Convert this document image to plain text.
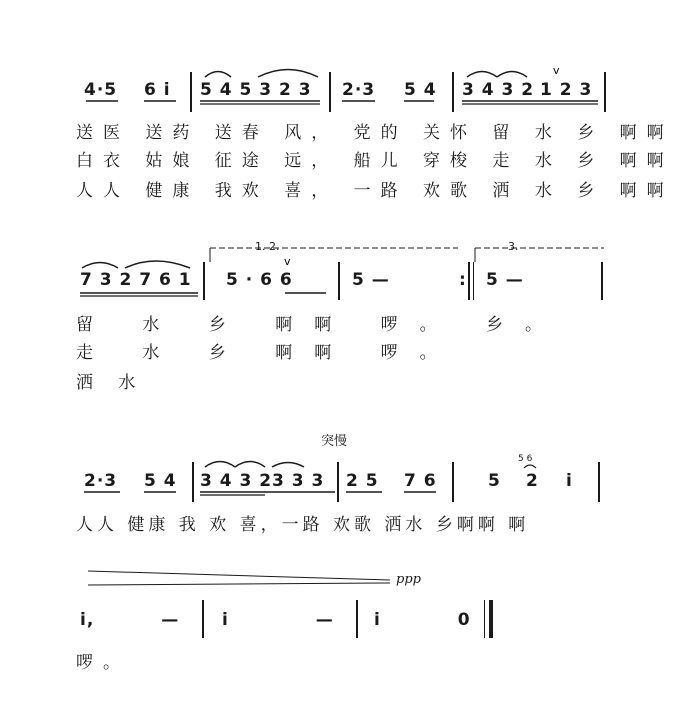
v
v
4·5 6 i 5 4 5 3 2 3 2·3 5 4 3 4 3 2 1 2 3
送医 送药 送春 风， 党的 关怀 留 水 乡 啊啊
白衣 姑娘 征途 远， 船儿 穿梭 走 水 乡 啊啊
人人 健康 我欢 喜， 一路 欢歌 洒 水 乡 啊啊
1. 2.	3.
7 3 2 7 6 1 5 · 6 6	5 —	: 5 —
留 水 乡 啊啊 啰。 乡。
走 水 乡 啊啊 啰。
洒 水
突慢
5 6
2·3 5 4 3 4 3 2 3 3 3 2 5 7 6	5 2 i
人人 健康 我 欢 喜，一路 欢歌 洒水 乡啊啊 啊
ppp
i, —	i — i 0
啰。
